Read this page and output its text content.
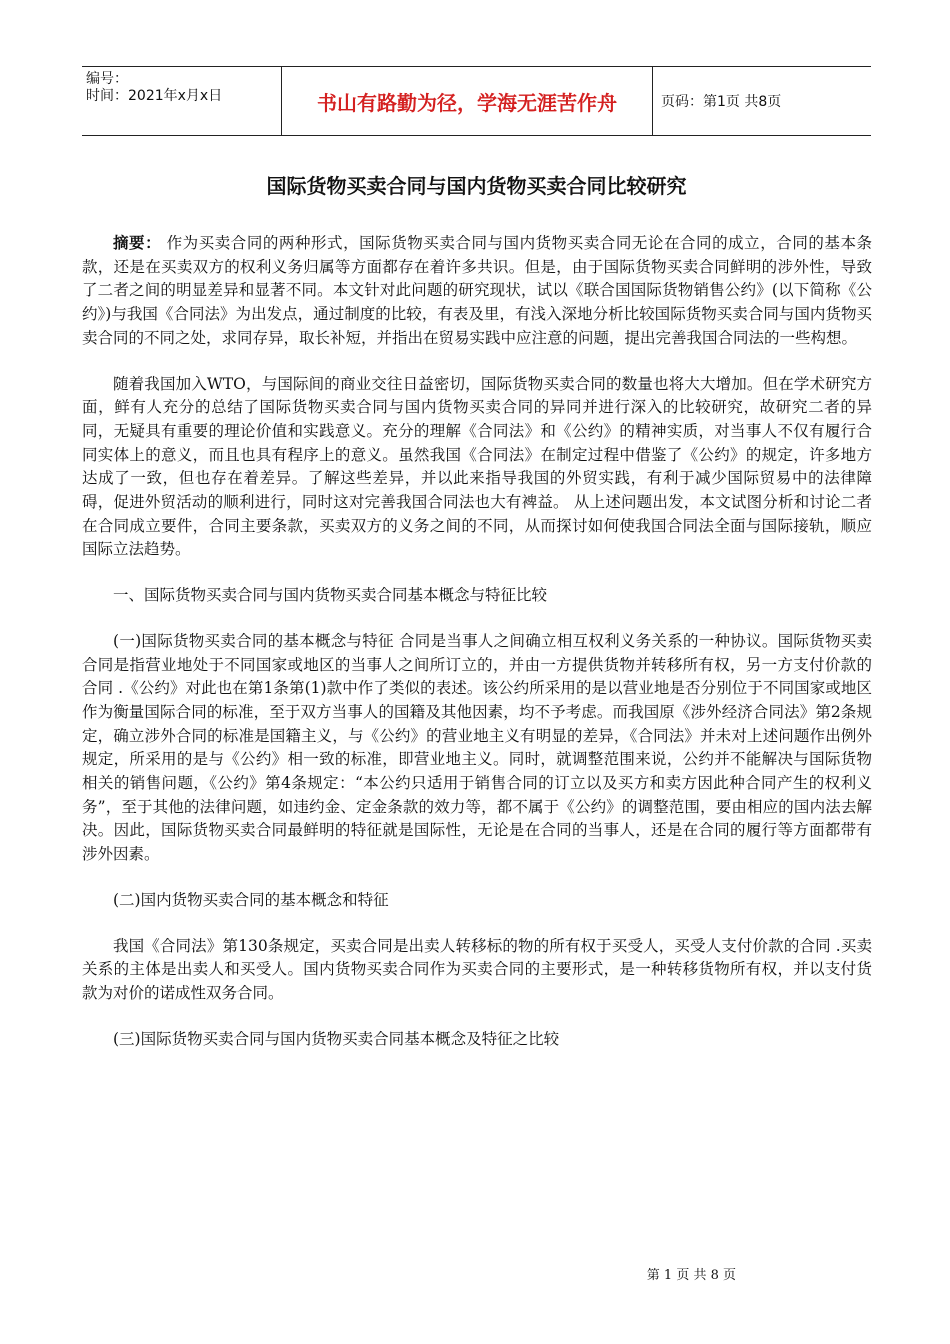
编号：
时间：2021年x月x日	书山有路勤为径，学海无涯苦作舟	页码：第1页 共8页
国际货物买卖合同与国内货物买卖合同比较研究

摘要： 作为买卖合同的两种形式，国际货物买卖合同与国内货物买卖合同无论在合同的成立，合同的基本条款，还是在买卖双方的权利义务归属等方面都存在着许多共识。但是，由于国际货物买卖合同鲜明的涉外性，导致了二者之间的明显差异和显著不同。本文针对此问题的研究现状，试以《联合国国际货物销售公约》(以下简称《公约》)与我国《合同法》为出发点，通过制度的比较，有表及里，有浅入深地分析比较国际货物买卖合同与国内货物买卖合同的不同之处，求同存异，取长补短，并指出在贸易实践中应注意的问题，提出完善我国合同法的一些构想。

随着我国加入WTO，与国际间的商业交往日益密切，国际货物买卖合同的数量也将大大增加。但在学术研究方面，鲜有人充分的总结了国际货物买卖合同与国内货物买卖合同的异同并进行深入的比较研究，故研究二者的异同，无疑具有重要的理论价值和实践意义。充分的理解《合同法》和《公约》的精神实质，对当事人不仅有履行合同实体上的意义，而且也具有程序上的意义。虽然我国《合同法》在制定过程中借鉴了《公约》的规定，许多地方达成了一致，但也存在着差异。了解这些差异，并以此来指导我国的外贸实践，有利于减少国际贸易中的法律障碍，促进外贸活动的顺利进行，同时这对完善我国合同法也大有裨益。 从上述问题出发，本文试图分析和讨论二者在合同成立要件，合同主要条款，买卖双方的义务之间的不同，从而探讨如何使我国合同法全面与国际接轨，顺应国际立法趋势。

一、国际货物买卖合同与国内货物买卖合同基本概念与特征比较

(一)国际货物买卖合同的基本概念与特征 合同是当事人之间确立相互权利义务关系的一种协议。国际货物买卖合同是指营业地处于不同国家或地区的当事人之间所订立的，并由一方提供货物并转移所有权，另一方支付价款的合同 .《公约》对此也在第1条第(1)款中作了类似的表述。该公约所采用的是以营业地是否分别位于不同国家或地区作为衡量国际合同的标准，至于双方当事人的国籍及其他因素，均不予考虑。而我国原《涉外经济合同法》第2条规定，确立涉外合同的标准是国籍主义，与《公约》的营业地主义有明显的差异，《合同法》并未对上述问题作出例外规定，所采用的是与《公约》相一致的标准，即营业地主义。同时，就调整范围来说，公约并不能解决与国际货物相关的销售问题，《公约》第4条规定：“本公约只适用于销售合同的订立以及买方和卖方因此种合同产生的权利义务”，至于其他的法律问题，如违约金、定金条款的效力等，都不属于《公约》的调整范围，要由相应的国内法去解决。因此，国际货物买卖合同最鲜明的特征就是国际性，无论是在合同的当事人，还是在合同的履行等方面都带有涉外因素。

(二)国内货物买卖合同的基本概念和特征

我国《合同法》第130条规定，买卖合同是出卖人转移标的物的所有权于买受人，买受人支付价款的合同 .买卖关系的主体是出卖人和买受人。国内货物买卖合同作为买卖合同的主要形式，是一种转移货物所有权，并以支付货款为对价的诺成性双务合同。

(三)国际货物买卖合同与国内货物买卖合同基本概念及特征之比较

第 1 页 共 8 页
